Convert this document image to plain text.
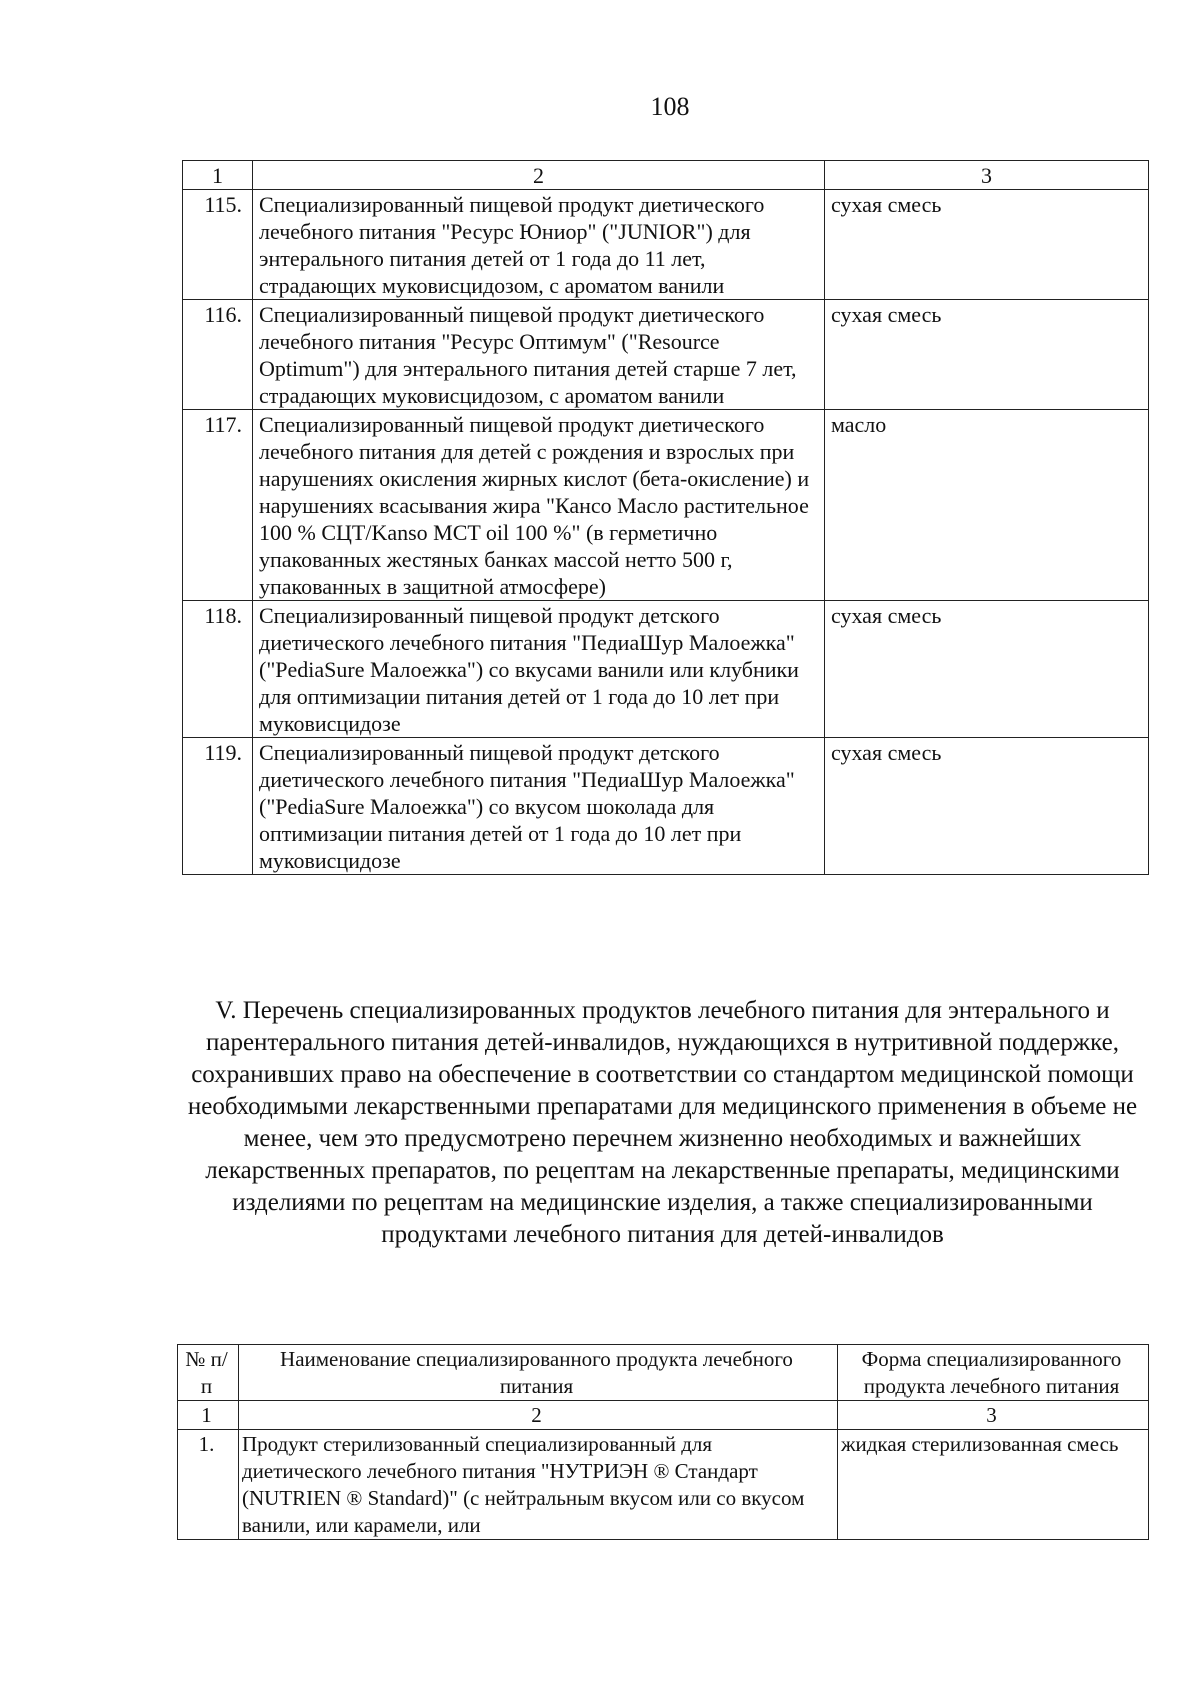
108
1	2	3
115.	Специализированный пищевой продукт диетического лечебного питания "Ресурс Юниор" ("JUNIOR") для энтерального питания детей от 1 года до 11 лет, страдающих муковисцидозом, с ароматом ванили	сухая смесь
116.	Специализированный пищевой продукт диетического лечебного питания "Ресурс Оптимум" ("Resource Optimum") для энтерального питания детей старше 7 лет, страдающих муковисцидозом, с ароматом ванили	сухая смесь
117.	Специализированный пищевой продукт диетического лечебного питания для детей с рождения и взрослых при нарушениях окисления жирных кислот (бета-окисление) и нарушениях всасывания жира "Кансо Масло растительное 100 % СЦТ/Kanso MCT oil 100 %" (в герметично упакованных жестяных банках массой нетто 500 г, упакованных в защитной атмосфере)	масло
118.	Специализированный пищевой продукт детского диетического лечебного питания "ПедиаШур Малоежка" ("PediaSure Малоежка") со вкусами ванили или клубники для оптимизации питания детей от 1 года до 10 лет при муковисцидозе	сухая смесь
119.	Специализированный пищевой продукт детского диетического лечебного питания "ПедиаШур Малоежка" ("PediaSure Малоежка") со вкусом шоколада для оптимизации питания детей от 1 года до 10 лет при муковисцидозе	сухая смесь
V. Перечень специализированных продуктов лечебного питания для энтерального и парентерального питания детей-инвалидов, нуждающихся в нутритивной поддержке, сохранивших право на обеспечение в соответствии со стандартом медицинской помощи необходимыми лекарственными препаратами для медицинского применения в объеме не менее, чем это предусмотрено перечнем жизненно необходимых и важнейших лекарственных препаратов, по рецептам на лекарственные препараты, медицинскими изделиями по рецептам на медицинские изделия, а также специализированными продуктами лечебного питания для детей-инвалидов
№ п/п	Наименование специализированного продукта лечебного питания	Форма специализированного продукта лечебного питания
1	2	3
1.	Продукт стерилизованный специализированный для диетического лечебного питания "НУТРИЭН ® Стандарт (NUTRIEN ® Standard)" (с нейтральным вкусом или со вкусом ванили, или карамели, или	жидкая стерилизованная смесь
